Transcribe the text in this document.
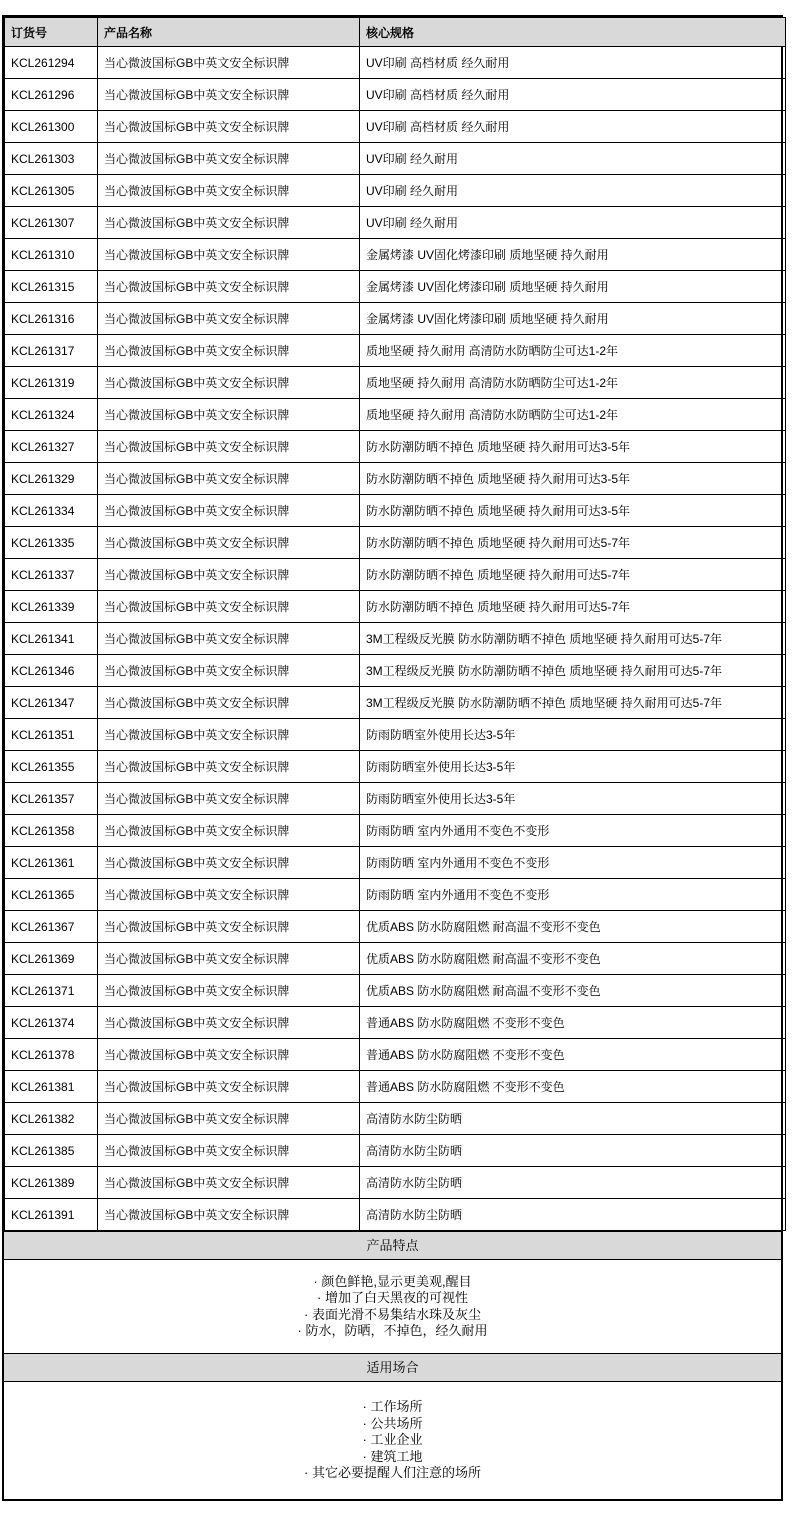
订货号	产品名称	核心规格
KCL261294	当心微波国标GB中英文安全标识牌	UV印刷 高档材质 经久耐用
KCL261296	当心微波国标GB中英文安全标识牌	UV印刷 高档材质 经久耐用
KCL261300	当心微波国标GB中英文安全标识牌	UV印刷 高档材质 经久耐用
KCL261303	当心微波国标GB中英文安全标识牌	UV印刷 经久耐用
KCL261305	当心微波国标GB中英文安全标识牌	UV印刷 经久耐用
KCL261307	当心微波国标GB中英文安全标识牌	UV印刷 经久耐用
KCL261310	当心微波国标GB中英文安全标识牌	金属烤漆 UV固化烤漆印刷 质地坚硬 持久耐用
KCL261315	当心微波国标GB中英文安全标识牌	金属烤漆 UV固化烤漆印刷 质地坚硬 持久耐用
KCL261316	当心微波国标GB中英文安全标识牌	金属烤漆 UV固化烤漆印刷 质地坚硬 持久耐用
KCL261317	当心微波国标GB中英文安全标识牌	质地坚硬 持久耐用 高清防水防晒防尘可达1-2年
KCL261319	当心微波国标GB中英文安全标识牌	质地坚硬 持久耐用 高清防水防晒防尘可达1-2年
KCL261324	当心微波国标GB中英文安全标识牌	质地坚硬 持久耐用 高清防水防晒防尘可达1-2年
KCL261327	当心微波国标GB中英文安全标识牌	防水防潮防晒不掉色 质地坚硬 持久耐用可达3-5年
KCL261329	当心微波国标GB中英文安全标识牌	防水防潮防晒不掉色 质地坚硬 持久耐用可达3-5年
KCL261334	当心微波国标GB中英文安全标识牌	防水防潮防晒不掉色 质地坚硬 持久耐用可达3-5年
KCL261335	当心微波国标GB中英文安全标识牌	防水防潮防晒不掉色 质地坚硬 持久耐用可达5-7年
KCL261337	当心微波国标GB中英文安全标识牌	防水防潮防晒不掉色 质地坚硬 持久耐用可达5-7年
KCL261339	当心微波国标GB中英文安全标识牌	防水防潮防晒不掉色 质地坚硬 持久耐用可达5-7年
KCL261341	当心微波国标GB中英文安全标识牌	3M工程级反光膜 防水防潮防晒不掉色 质地坚硬 持久耐用可达5-7年
KCL261346	当心微波国标GB中英文安全标识牌	3M工程级反光膜 防水防潮防晒不掉色 质地坚硬 持久耐用可达5-7年
KCL261347	当心微波国标GB中英文安全标识牌	3M工程级反光膜 防水防潮防晒不掉色 质地坚硬 持久耐用可达5-7年
KCL261351	当心微波国标GB中英文安全标识牌	防雨防晒室外使用长达3-5年
KCL261355	当心微波国标GB中英文安全标识牌	防雨防晒室外使用长达3-5年
KCL261357	当心微波国标GB中英文安全标识牌	防雨防晒室外使用长达3-5年
KCL261358	当心微波国标GB中英文安全标识牌	防雨防晒 室内外通用不变色不变形
KCL261361	当心微波国标GB中英文安全标识牌	防雨防晒 室内外通用不变色不变形
KCL261365	当心微波国标GB中英文安全标识牌	防雨防晒 室内外通用不变色不变形
KCL261367	当心微波国标GB中英文安全标识牌	优质ABS 防水防腐阻燃 耐高温不变形不变色
KCL261369	当心微波国标GB中英文安全标识牌	优质ABS 防水防腐阻燃 耐高温不变形不变色
KCL261371	当心微波国标GB中英文安全标识牌	优质ABS 防水防腐阻燃 耐高温不变形不变色
KCL261374	当心微波国标GB中英文安全标识牌	普通ABS 防水防腐阻燃 不变形不变色
KCL261378	当心微波国标GB中英文安全标识牌	普通ABS 防水防腐阻燃 不变形不变色
KCL261381	当心微波国标GB中英文安全标识牌	普通ABS 防水防腐阻燃 不变形不变色
KCL261382	当心微波国标GB中英文安全标识牌	高清防水防尘防晒
KCL261385	当心微波国标GB中英文安全标识牌	高清防水防尘防晒
KCL261389	当心微波国标GB中英文安全标识牌	高清防水防尘防晒
KCL261391	当心微波国标GB中英文安全标识牌	高清防水防尘防晒
产品特点
· 颜色鲜艳,显示更美观,醒目
· 增加了白天黑夜的可视性
· 表面光滑不易集结水珠及灰尘
· 防水，防晒，不掉色，经久耐用
适用场合
· 工作场所
· 公共场所
· 工业企业
· 建筑工地
· 其它必要提醒人们注意的场所
